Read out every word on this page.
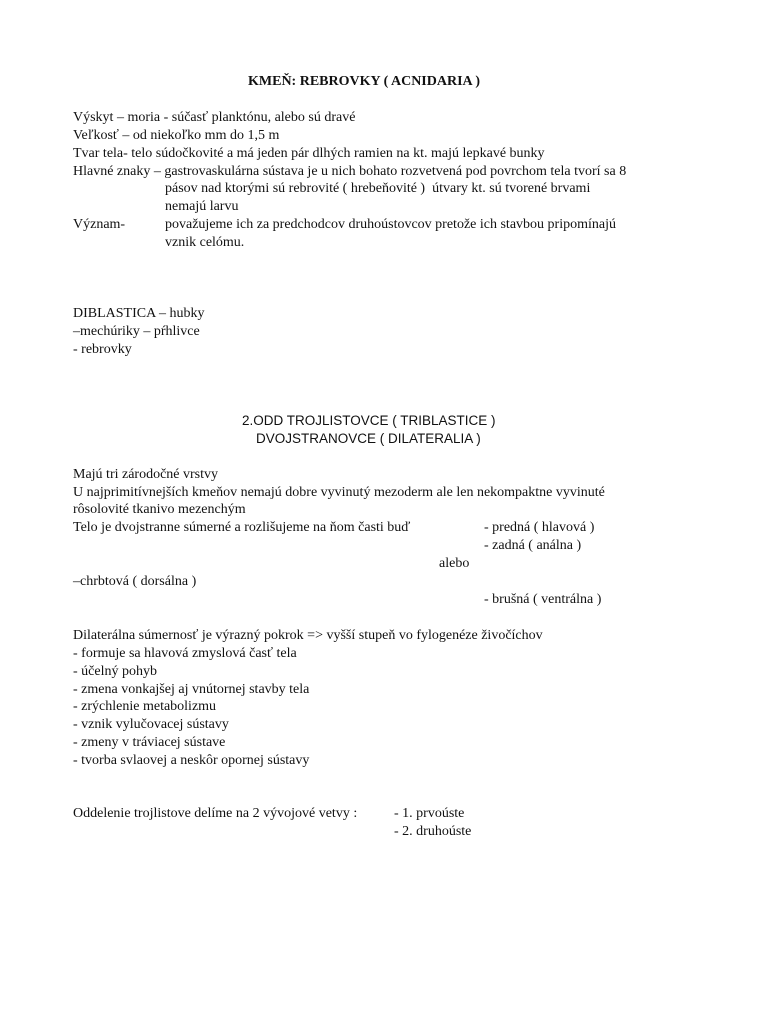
KMEŇ: REBROVKY ( ACNIDARIA )
Výskyt – moria - súčasť planktónu, alebo sú dravé
Veľkosť – od niekoľko mm do 1,5 m
Tvar tela- telo súdočkovité a má jeden pár dlhých ramien na kt. majú lepkavé bunky
Hlavné znaky – gastrovaskulárna sústava je u nich bohato rozvetvená pod povrchom tela tvorí sa 8
pásov nad ktorými sú rebrovité ( hrebeňovité )  útvary kt. sú tvorené brvami
nemajú larvu
Význam-	považujeme ich za predchodcov druhoústovcov pretože ich stavbou pripomínajú
vznik celómu.
DIBLASTICA – hubky
–mechúriky – pŕhlivce
- rebrovky
2.ODD TROJLISTOVCE ( TRIBLASTICE )
DVOJSTRANOVCE ( DILATERALIA )
Majú tri zárodočné vrstvy
U najprimitívnejších kmeňov nemajú dobre vyvinutý mezoderm ale len nekompaktne vyvinuté
rôsolovité tkanivo mezenchým
Telo je dvojstranne súmerné a rozlišujeme na ňom časti buď	- predná ( hlavová )
- zadná ( análna )
alebo
–chrbtová ( dorsálna )
- brušná ( ventrálna )
Dilaterálna súmernosť je výrazný pokrok => vyšší stupeň vo fylogenéze živočíchov
- formuje sa hlavová zmyslová časť tela
- účelný pohyb
- zmena vonkajšej aj vnútornej stavby tela
- zrýchlenie metabolizmu
- vznik vylučovacej sústavy
- zmeny v tráviacej sústave
- tvorba svlaovej a neskôr opornej sústavy
Oddelenie trojlistove delíme na 2 vývojové vetvy :	- 1. prvoúste
- 2. druhoúste
